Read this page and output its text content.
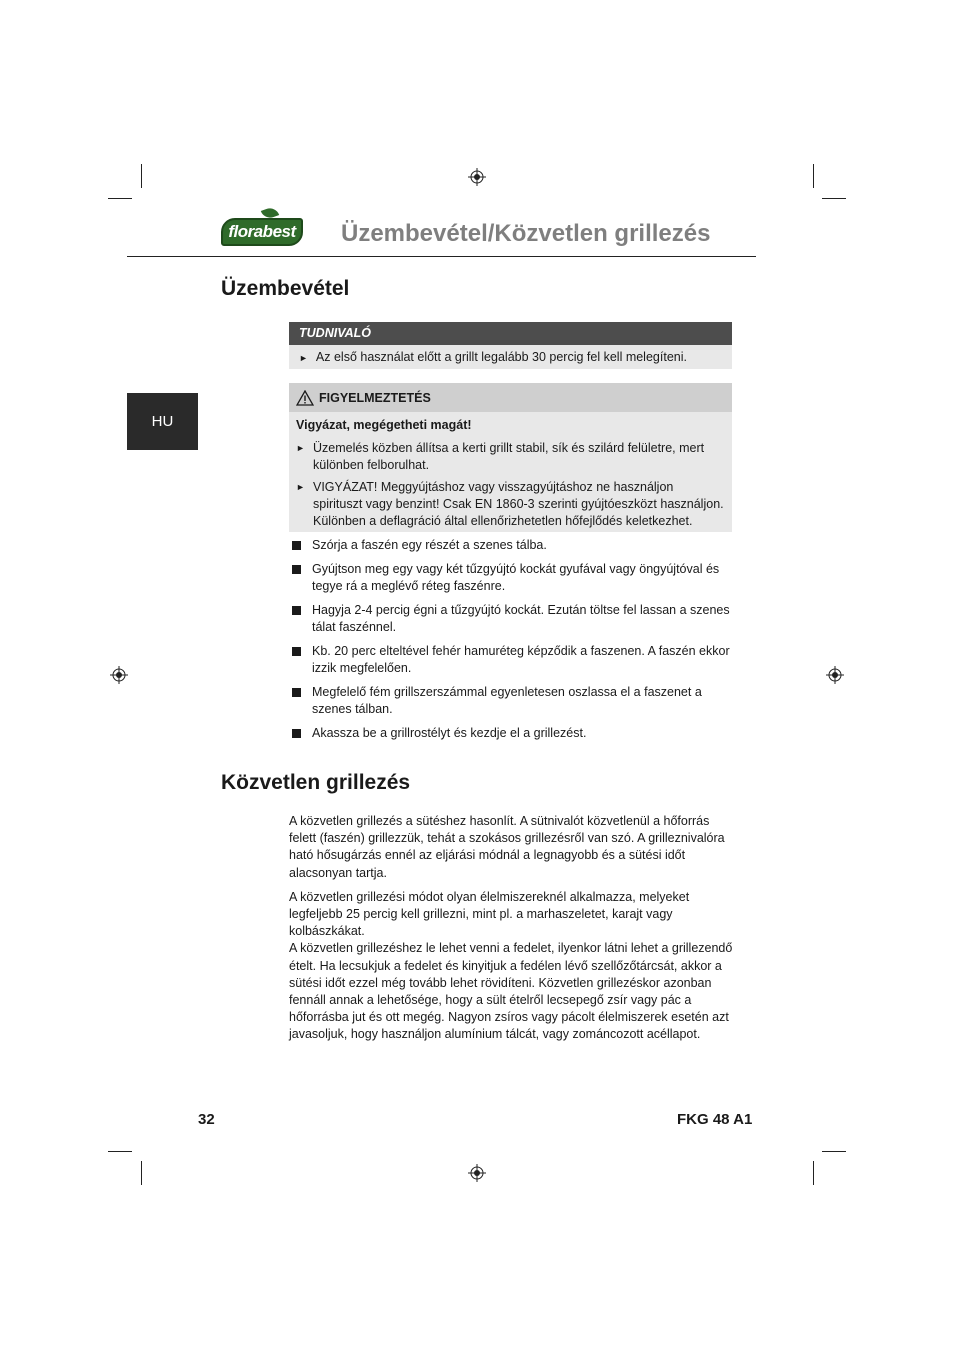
florabest	Üzembevétel/Közvetlen grillezés
HU
Üzembevétel
TUDNIVALÓ
► Az első használat előtt a grillt legalább 30 percig fel kell melegíteni.
FIGYELMEZTETÉS
Vigyázat, megégetheti magát!
► Üzemelés közben állítsa a kerti grillt stabil, sík és szilárd felületre, mert különben felborulhat.
► VIGYÁZAT! Meggyújtáshoz vagy visszagyújtáshoz ne használjon spirituszt vagy benzint! Csak EN 1860-3 szerinti gyújtóeszközt használjon. Különben a deflagráció által ellenőrizhetetlen hőfejlődés keletkezhet.
Szórja a faszén egy részét a szenes tálba.
Gyújtson meg egy vagy két tűzgyújtó kockát gyufával vagy öngyújtóval és tegye rá a meglévő réteg faszénre.
Hagyja 2-4 percig égni a tűzgyújtó kockát. Ezután töltse fel lassan a szenes tálat faszénnel.
Kb. 20 perc elteltével fehér hamuréteg képződik a faszenen. A faszén ekkor izzik megfelelően.
Megfelelő fém grillszerszámmal egyenletesen oszlassa el a faszenet a szenes tálban.
Akassza be a grillrostélyt és kezdje el a grillezést.
Közvetlen grillezés

A közvetlen grillezés a sütéshez hasonlít. A sütnivalót közvetlenül a hőforrás felett (faszén) grillezzük, tehát a szokásos grillezésről van szó. A grilleznivalóra ható hősugárzás ennél az eljárási módnál a legnagyobb és a sütési időt alacsonyan tartja.

A közvetlen grillezési módot olyan élelmiszereknél alkalmazza, melyeket legfeljebb 25 percig kell grillezni, mint pl. a marhaszeletet, karajt vagy kolbászkákat.

A közvetlen grillezéshez le lehet venni a fedelet, ilyenkor látni lehet a grillezendő ételt. Ha lecsukjuk a fedelet és kinyitjuk a fedélen lévő szellőzőtárcsát, akkor a sütési időt ezzel még tovább lehet rövidíteni. Közvetlen grillezéskor azonban fennáll annak a lehetősége, hogy a sült ételről lecsepegő zsír vagy pác a hőforrásba jut és ott megég. Nagyon zsíros vagy pácolt élelmiszerek esetén azt javasoljuk, hogy használjon alumínium tálcát, vagy zománcozott acéllapot.

32	FKG 48 A1
